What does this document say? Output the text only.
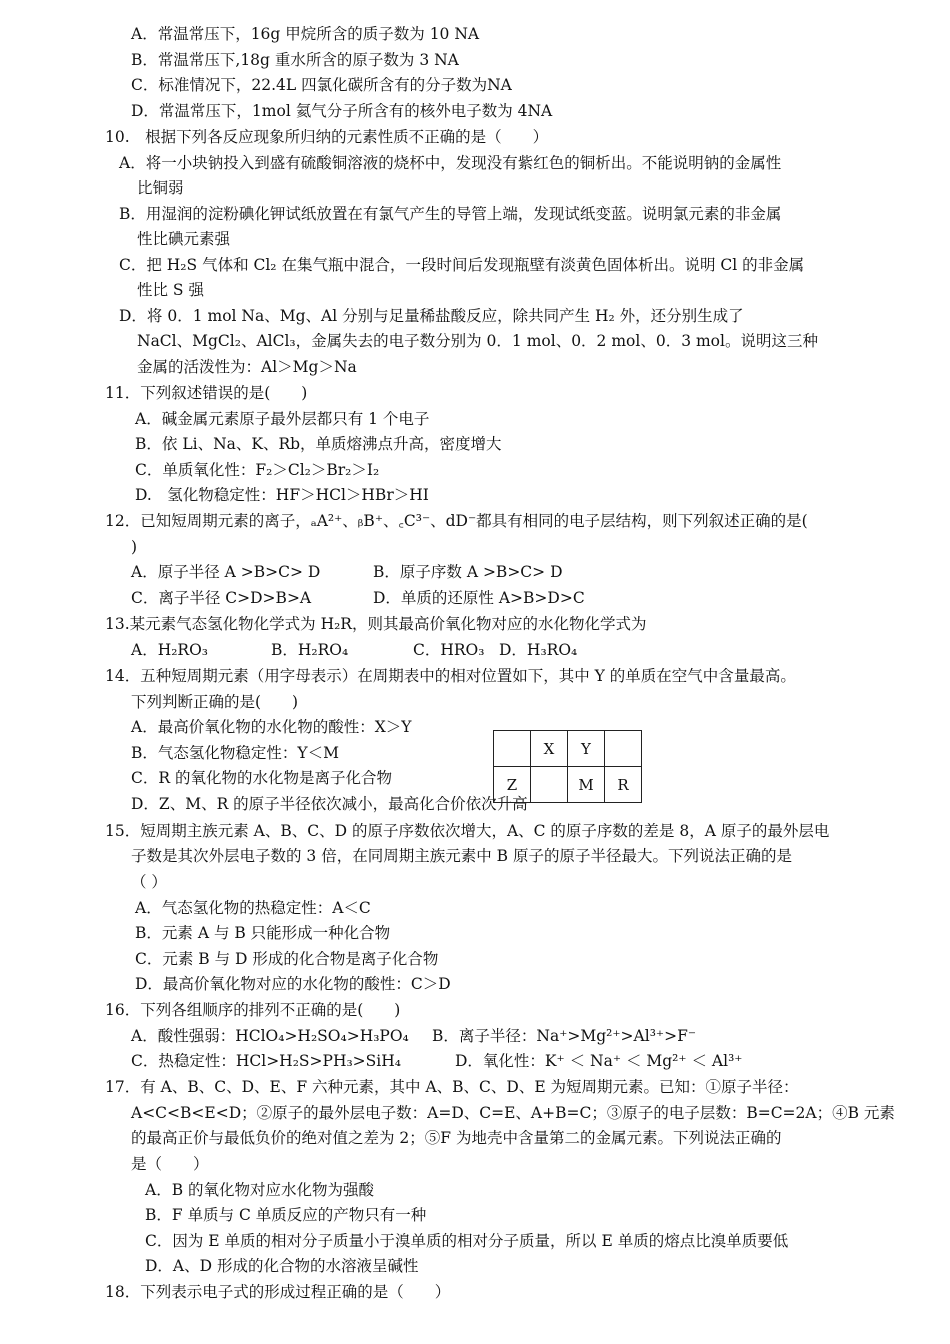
A．常温常压下，16g 甲烷所含的质子数为 10 NA
B．常温常压下,18g 重水所含的原子数为 3 NA
C．标准情况下，22.4L 四氯化碳所含有的分子数为NA
D．常温常压下，1mol 氦气分子所含有的核外电子数为 4NA
10.　根据下列各反应现象所归纳的元素性质不正确的是（　　）
A．将一小块钠投入到盛有硫酸铜溶液的烧杯中，发现没有紫红色的铜析出。不能说明钠的金属性
比铜弱
B．用湿润的淀粉碘化钾试纸放置在有氯气产生的导管上端，发现试纸变蓝。说明氯元素的非金属
性比碘元素强
C．把 H₂S 气体和 Cl₂ 在集气瓶中混合，一段时间后发现瓶壁有淡黄色固体析出。说明 Cl 的非金属
性比 S 强
D．将 0．1 mol Na、Mg、Al 分别与足量稀盐酸反应，除共同产生 H₂ 外，还分别生成了
NaCl、MgCl₂、AlCl₃，金属失去的电子数分别为 0．1 mol、0．2 mol、0．3 mol。说明这三种
金属的活泼性为：Al＞Mg＞Na
11．下列叙述错误的是(　　)
A．碱金属元素原子最外层都只有 1 个电子
B．依 Li、Na、K、Rb，单质熔沸点升高，密度增大
C．单质氧化性：F₂＞Cl₂＞Br₂＞I₂
D.　氢化物稳定性：HF＞HCl＞HBr＞HI
12．已知短周期元素的离子，ₐA²⁺、ᵦB⁺、꜀C³⁻、dD⁻都具有相同的电子层结构，则下列叙述正确的是(
)
A．原子半径 A >B>C> D	B．原子序数 A >B>C> D
C．离子半径 C>D>B>A	D．单质的还原性 A>B>D>C
13.某元素气态氢化物化学式为 H₂R，则其最高价氧化物对应的水化物化学式为
A．H₂RO₃	B．H₂RO₄	C．HRO₃ D．H₃RO₄
14．五种短周期元素（用字母表示）在周期表中的相对位置如下，其中 Y 的单质在空气中含量最高。
下列判断正确的是(　　)
A．最高价氧化物的水化物的酸性：X＞Y
B．气态氢化物稳定性：Y＜M
C．R 的氧化物的水化物是离子化合物
D．Z、M、R 的原子半径依次减小，最高化合价依次升高
	X	Y	
Z		M	R
15．短周期主族元素 A、B、C、D 的原子序数依次增大，A、C 的原子序数的差是 8，A 原子的最外层电
子数是其次外层电子数的 3 倍，在同周期主族元素中 B 原子的原子半径最大。下列说法正确的是
（ ）
A．气态氢化物的热稳定性：A＜C
B．元素 A 与 B 只能形成一种化合物
C．元素 B 与 D 形成的化合物是离子化合物
D．最高价氧化物对应的水化物的酸性：C＞D
16．下列各组顺序的排列不正确的是(　　)
A．酸性强弱：HClO₄>H₂SO₄>H₃PO₄ B．离子半径：Na⁺>Mg²⁺>Al³⁺>F⁻
C．热稳定性：HCl>H₂S>PH₃>SiH₄	D．氧化性：K⁺ ＜ Na⁺ ＜ Mg²⁺ ＜ Al³⁺
17．有 A、B、C、D、E、F 六种元素，其中 A、B、C、D、E 为短周期元素。已知：①原子半径：
A<C<B<E<D；②原子的最外层电子数：A=D、C=E、A+B=C；③原子的电子层数：B=C=2A；④B 元素
的最高正价与最低负价的绝对值之差为 2；⑤F 为地壳中含量第二的金属元素。下列说法正确的
是（　　）
A．B 的氧化物对应水化物为强酸
B．F 单质与 C 单质反应的产物只有一种
C．因为 E 单质的相对分子质量小于溴单质的相对分子质量，所以 E 单质的熔点比溴单质要低
D．A、D 形成的化合物的水溶液呈碱性
18．下列表示电子式的形成过程正确的是（　　）
